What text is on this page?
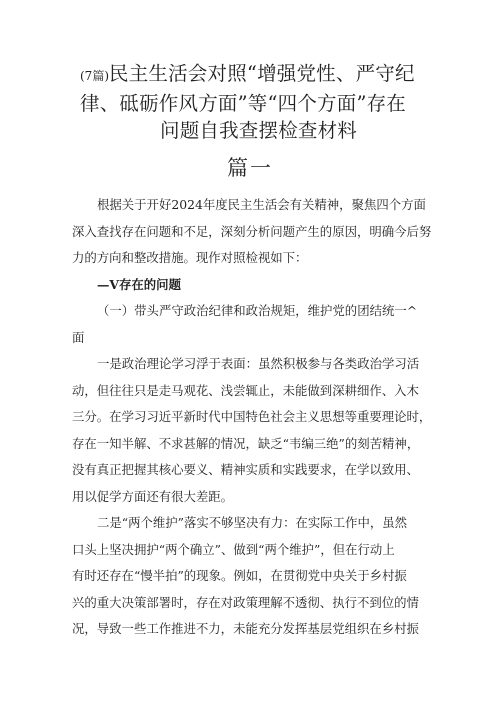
(7篇)民主生活会对照“增强党性、严守纪
律、砥砺作风方面”等“四个方面”存在
问题自我查摆检查材料
篇一

根据关于开好2024年度民主生活会有关精神，聚焦四个方面
深入查找存在问题和不足，深刻分析问题产生的原因，明确今后努
力的方向和整改措施。现作对照检视如下：

—V存在的问题

（一）带头严守政治纪律和政治规矩，维护党的团结统一^
面

一是政治理论学习浮于表面：虽然积极参与各类政治学习活
动，但往往只是走马观花、浅尝辄止，未能做到深耕细作、入木
三分。在学习习近平新时代中国特色社会主义思想等重要理论时，
存在一知半解、不求甚解的情况，缺乏“韦编三绝”的刻苦精神，
没有真正把握其核心要义、精神实质和实践要求，在学以致用、
用以促学方面还有很大差距。

二是“两个维护”落实不够坚决有力：在实际工作中，虽然
口头上坚决拥护“两个确立”、做到“两个维护”，但在行动上
有时还存在“慢半拍”的现象。例如，在贯彻党中央关于乡村振
兴的重大决策部署时，存在对政策理解不透彻、执行不到位的情
况，导致一些工作推进不力，未能充分发挥基层党组织在乡村振
